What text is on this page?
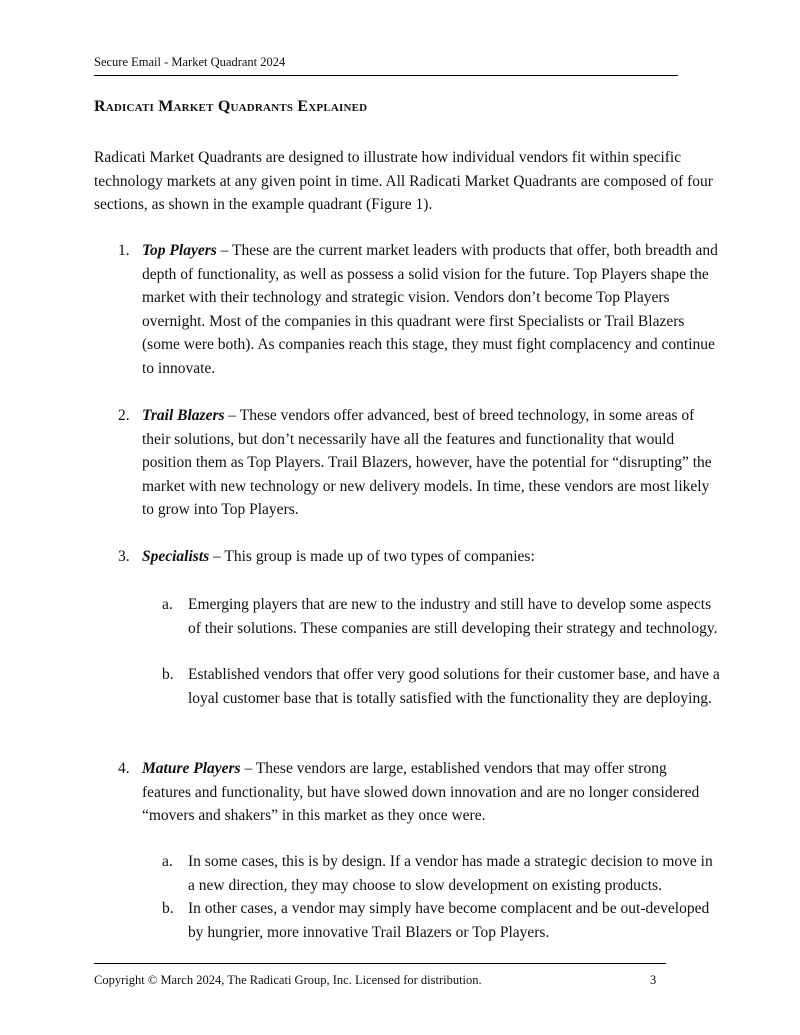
Secure Email - Market Quadrant 2024
Radicati Market Quadrants Explained

Radicati Market Quadrants are designed to illustrate how individual vendors fit within specific technology markets at any given point in time. All Radicati Market Quadrants are composed of four sections, as shown in the example quadrant (Figure 1).

1. Top Players – These are the current market leaders with products that offer, both breadth and depth of functionality, as well as possess a solid vision for the future. Top Players shape the market with their technology and strategic vision. Vendors don’t become Top Players overnight. Most of the companies in this quadrant were first Specialists or Trail Blazers (some were both). As companies reach this stage, they must fight complacency and continue to innovate.
2. Trail Blazers – These vendors offer advanced, best of breed technology, in some areas of their solutions, but don’t necessarily have all the features and functionality that would position them as Top Players. Trail Blazers, however, have the potential for “disrupting” the market with new technology or new delivery models. In time, these vendors are most likely to grow into Top Players.
3. Specialists – This group is made up of two types of companies:
a. Emerging players that are new to the industry and still have to develop some aspects of their solutions. These companies are still developing their strategy and technology.
b. Established vendors that offer very good solutions for their customer base, and have a loyal customer base that is totally satisfied with the functionality they are deploying.
4. Mature Players – These vendors are large, established vendors that may offer strong features and functionality, but have slowed down innovation and are no longer considered “movers and shakers” in this market as they once were.
a. In some cases, this is by design. If a vendor has made a strategic decision to move in a new direction, they may choose to slow development on existing products.
b. In other cases, a vendor may simply have become complacent and be out-developed by hungrier, more innovative Trail Blazers or Top Players.
Copyright © March 2024, The Radicati Group, Inc. Licensed for distribution.	3
